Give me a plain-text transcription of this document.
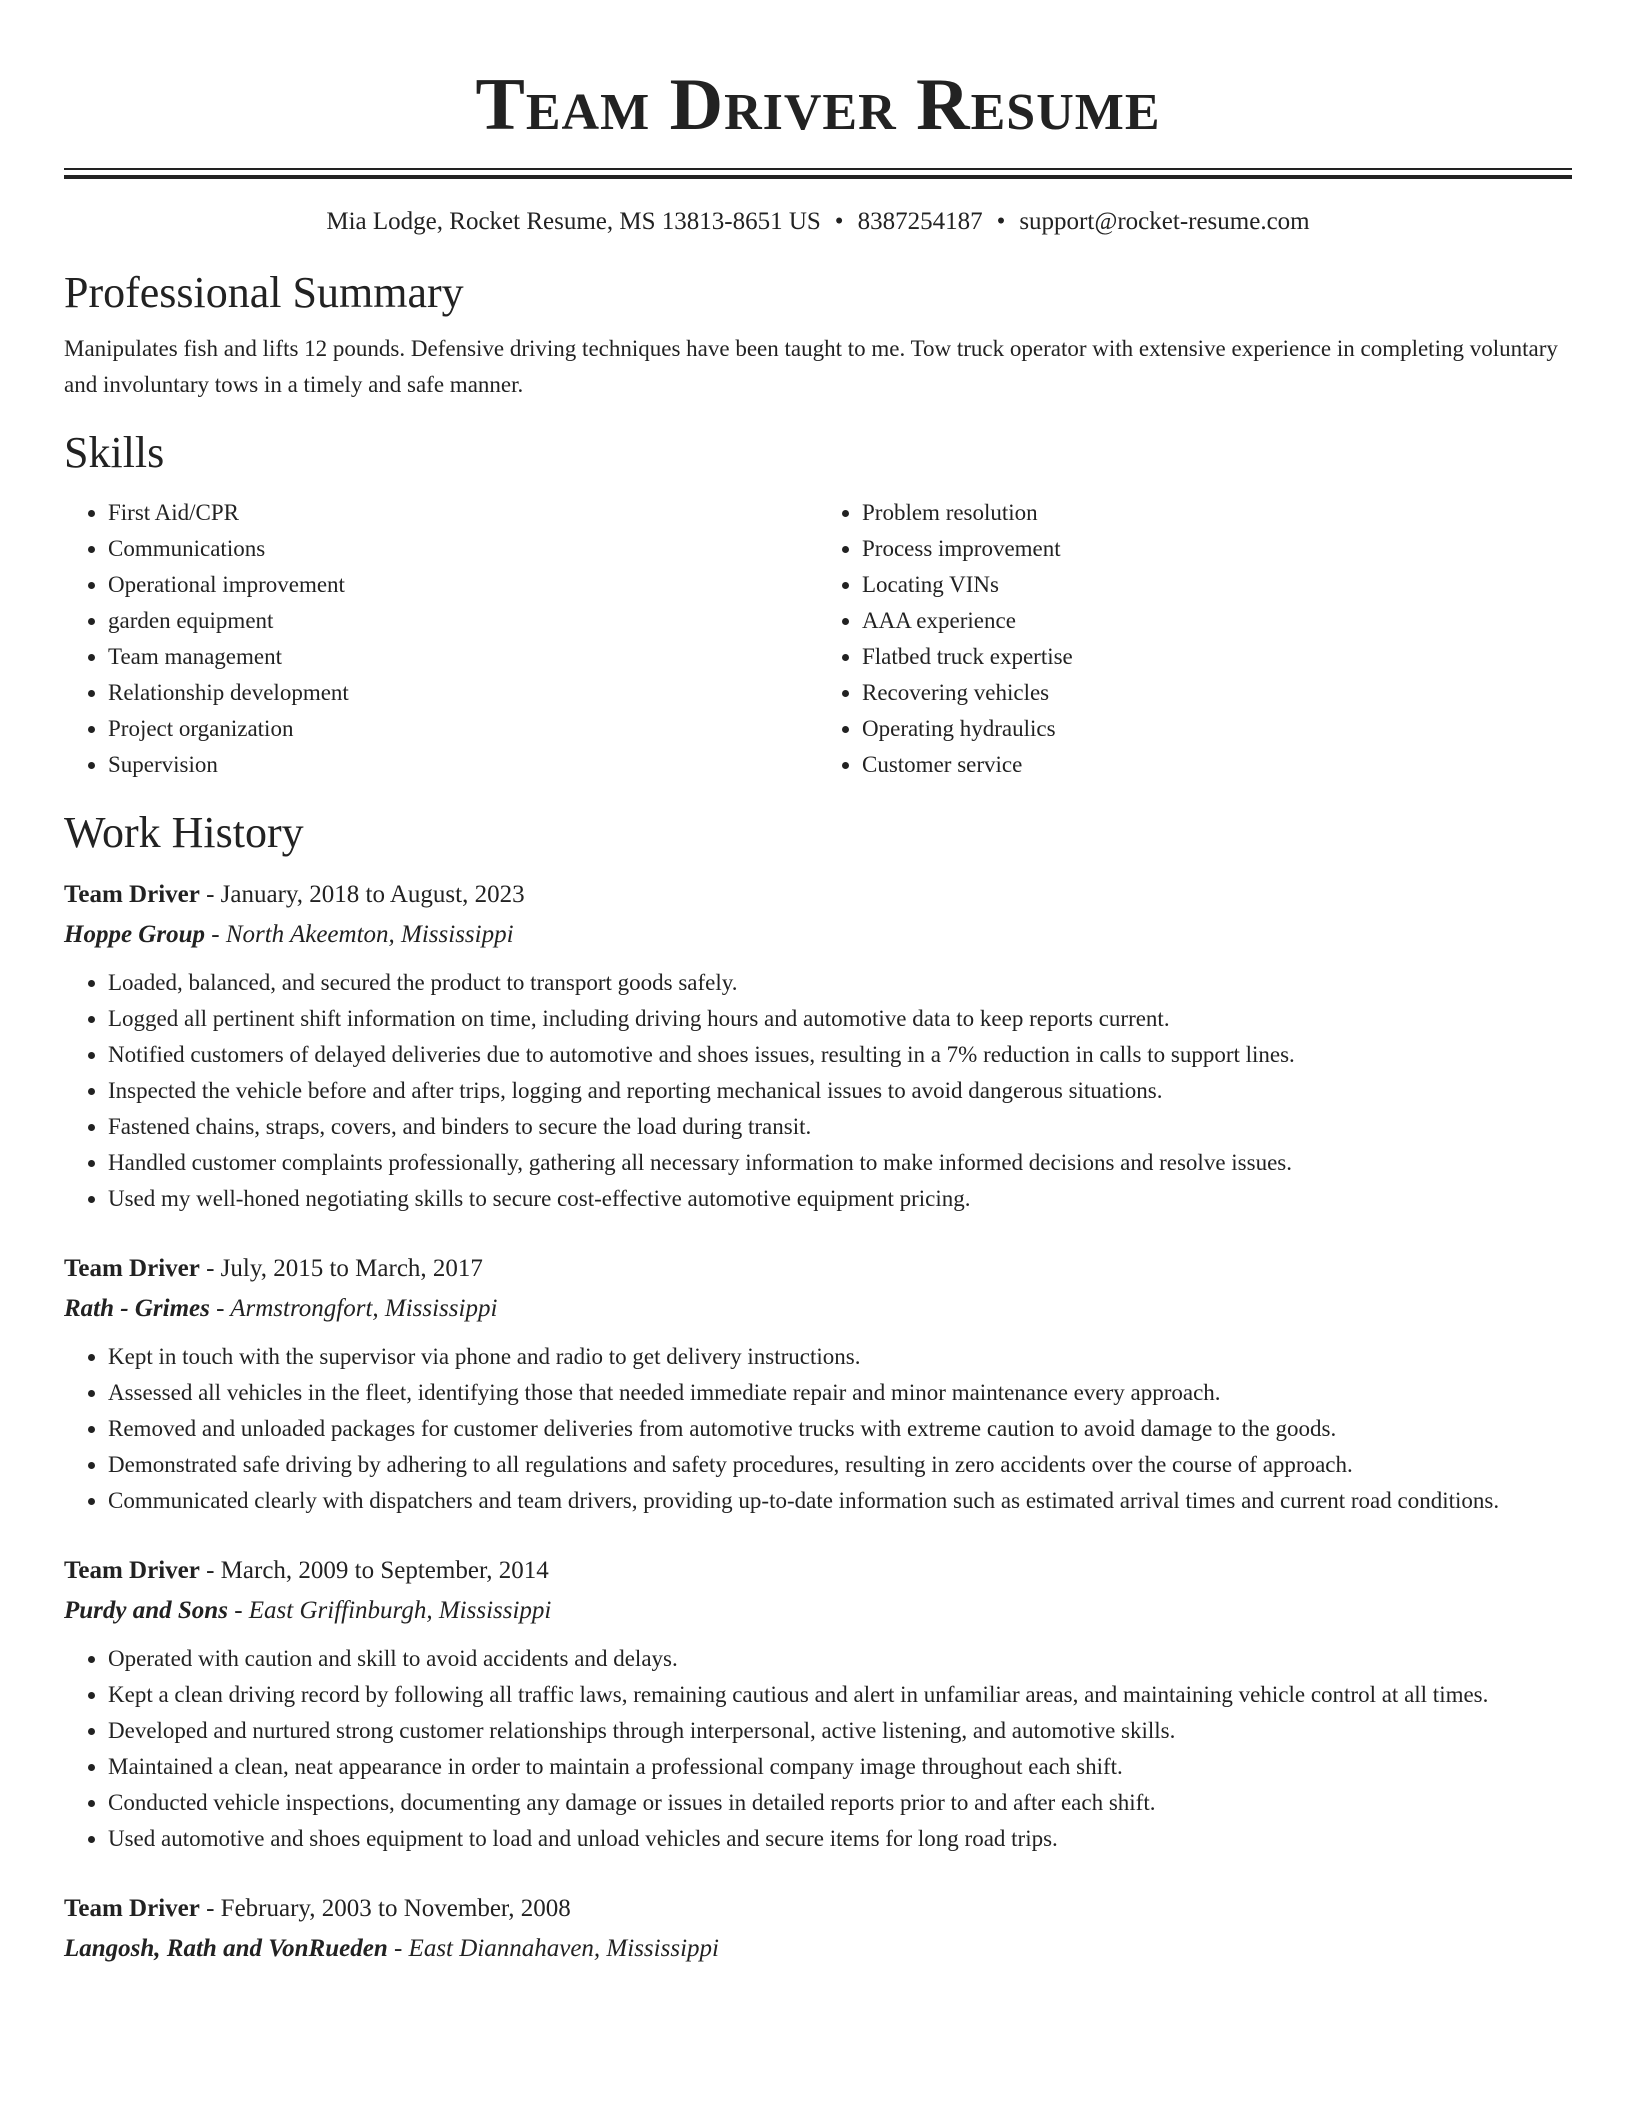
Team Driver Resume
Mia Lodge, Rocket Resume, MS 13813-8651 US • 8387254187 • support@rocket-resume.com
Professional Summary

Manipulates fish and lifts 12 pounds. Defensive driving techniques have been taught to me. Tow truck operator with extensive experience in completing voluntary and involuntary tows in a timely and safe manner.

Skills
• First Aid/CPR
• Communications
• Operational improvement
• garden equipment
• Team management
• Relationship development
• Project organization
• Supervision
• Problem resolution
• Process improvement
• Locating VINs
• AAA experience
• Flatbed truck expertise
• Recovering vehicles
• Operating hydraulics
• Customer service
Work History
Team Driver - January, 2018 to August, 2023
Hoppe Group - North Akeemton, Mississippi
• Loaded, balanced, and secured the product to transport goods safely.
• Logged all pertinent shift information on time, including driving hours and automotive data to keep reports current.
• Notified customers of delayed deliveries due to automotive and shoes issues, resulting in a 7% reduction in calls to support lines.
• Inspected the vehicle before and after trips, logging and reporting mechanical issues to avoid dangerous situations.
• Fastened chains, straps, covers, and binders to secure the load during transit.
• Handled customer complaints professionally, gathering all necessary information to make informed decisions and resolve issues.
• Used my well-honed negotiating skills to secure cost-effective automotive equipment pricing.
Team Driver - July, 2015 to March, 2017
Rath - Grimes - Armstrongfort, Mississippi
• Kept in touch with the supervisor via phone and radio to get delivery instructions.
• Assessed all vehicles in the fleet, identifying those that needed immediate repair and minor maintenance every approach.
• Removed and unloaded packages for customer deliveries from automotive trucks with extreme caution to avoid damage to the goods.
• Demonstrated safe driving by adhering to all regulations and safety procedures, resulting in zero accidents over the course of approach.
• Communicated clearly with dispatchers and team drivers, providing up-to-date information such as estimated arrival times and current road conditions.
Team Driver - March, 2009 to September, 2014
Purdy and Sons - East Griffinburgh, Mississippi
• Operated with caution and skill to avoid accidents and delays.
• Kept a clean driving record by following all traffic laws, remaining cautious and alert in unfamiliar areas, and maintaining vehicle control at all times.
• Developed and nurtured strong customer relationships through interpersonal, active listening, and automotive skills.
• Maintained a clean, neat appearance in order to maintain a professional company image throughout each shift.
• Conducted vehicle inspections, documenting any damage or issues in detailed reports prior to and after each shift.
• Used automotive and shoes equipment to load and unload vehicles and secure items for long road trips.
Team Driver - February, 2003 to November, 2008
Langosh, Rath and VonRueden - East Diannahaven, Mississippi
